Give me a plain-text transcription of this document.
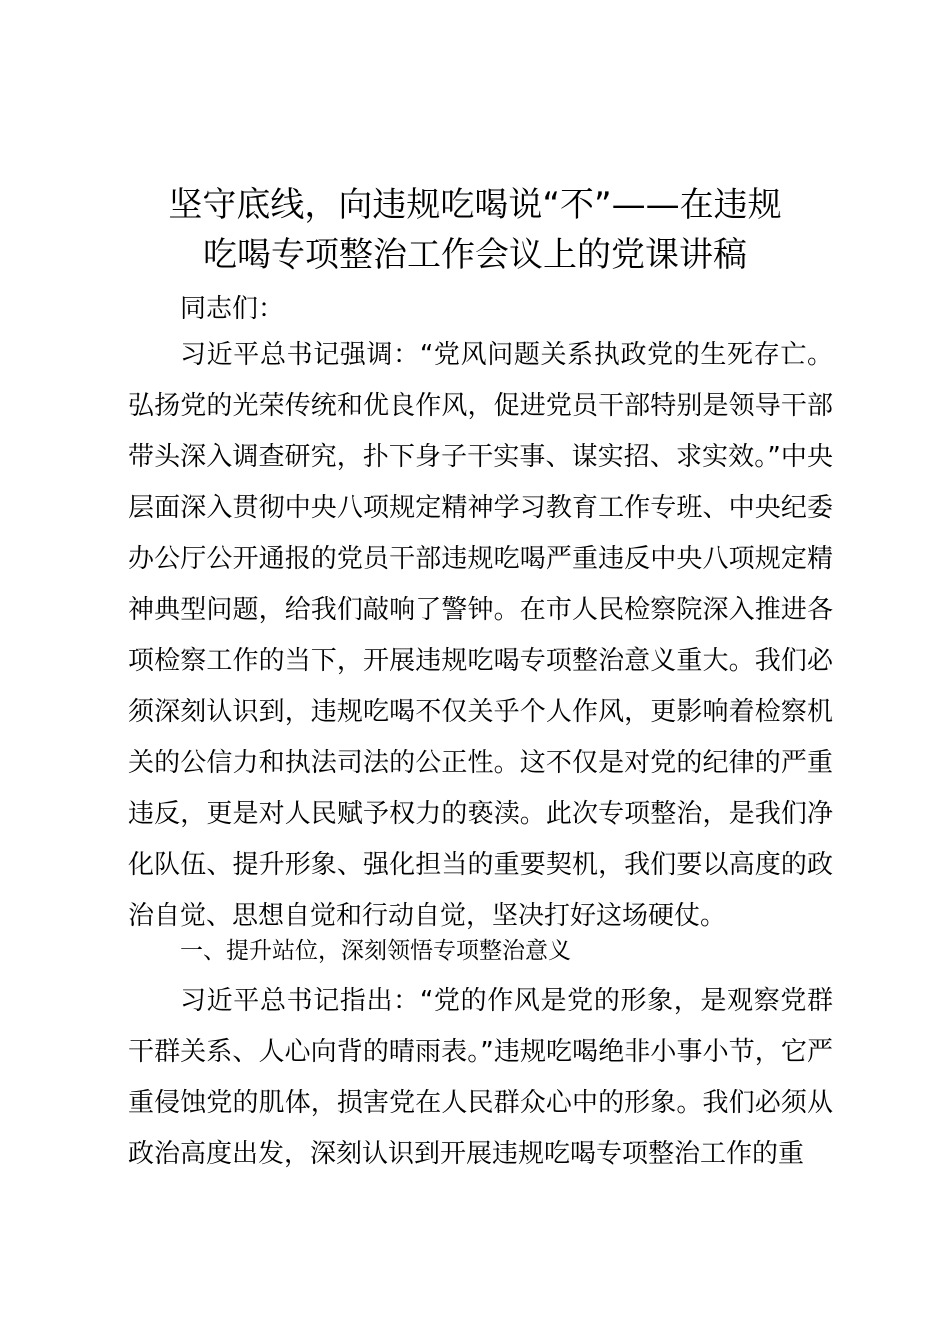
坚守底线，向违规吃喝说“不”——在违规
吃喝专项整治工作会议上的党课讲稿

同志们：

习近平总书记强调：“党风问题关系执政党的生死存亡。弘扬党的光荣传统和优良作风，促进党员干部特别是领导干部带头深入调查研究，扑下身子干实事、谋实招、求实效。”中央层面深入贯彻中央八项规定精神学习教育工作专班、中央纪委办公厅公开通报的党员干部违规吃喝严重违反中央八项规定精神典型问题，给我们敲响了警钟。在市人民检察院深入推进各项检察工作的当下，开展违规吃喝专项整治意义重大。我们必须深刻认识到，违规吃喝不仅关乎个人作风，更影响着检察机关的公信力和执法司法的公正性。这不仅是对党的纪律的严重违反，更是对人民赋予权力的亵渎。此次专项整治，是我们净化队伍、提升形象、强化担当的重要契机，我们要以高度的政治自觉、思想自觉和行动自觉，坚决打好这场硬仗。

一、提升站位，深刻领悟专项整治意义

习近平总书记指出：“党的作风是党的形象，是观察党群干群关系、人心向背的晴雨表。”违规吃喝绝非小事小节，它严重侵蚀党的肌体，损害党在人民群众心中的形象。我们必须从政治高度出发，深刻认识到开展违规吃喝专项整治工作的重
